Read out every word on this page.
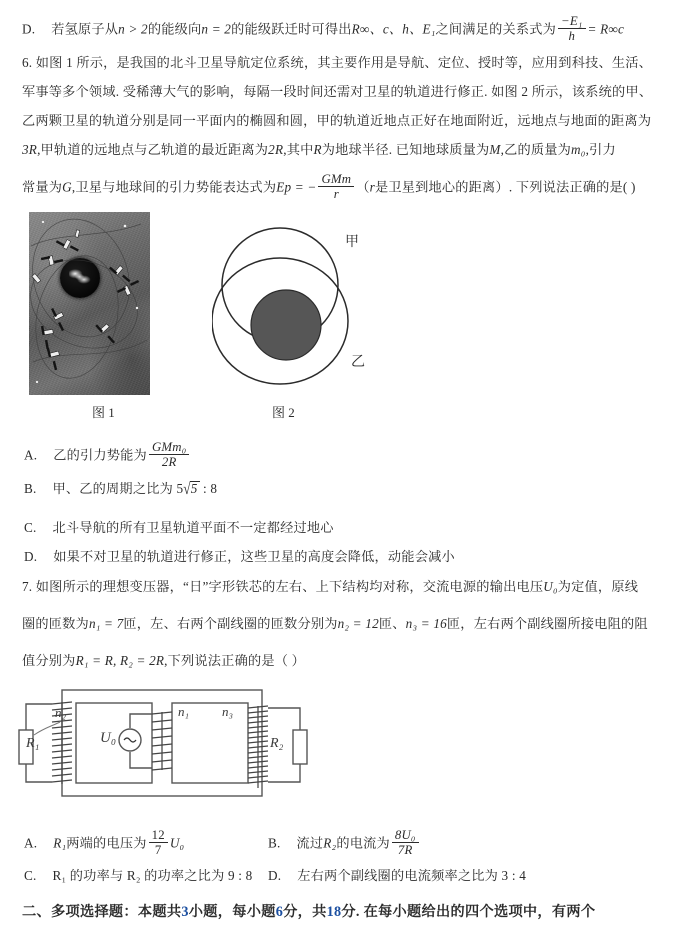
D. 若氢原子从n > 2的能级向n = 2的能级跃迁时可得出R∞、c、h、E₁之间满足的关系式为 $\frac{\text{−E₁}}{h} = R\infty c$
6. 如图 1 所示，是我国的北斗卫星导航定位系统，其主要作用是导航、定位、授时等，应用到科技、生活、
军事等多个领域. 受稀薄大气的影响，每隔一段时间还需对卫星的轨道进行修正. 如图 2 所示，该系统的甲、
乙两颗卫星的轨道分别是同一平面内的椭圆和圆，甲的轨道近地点正好在地面附近，远地点与地面的距离为
3R,甲轨道的远地点与乙轨道的最近距离为2R,其中R为地球半径. 已知地球质量为M,乙的质量为m₀,引力
常量为G,卫星与地球间的引力势能表达式为Ep = − $\frac{\text{GMm}}{r} (r$是卫星到地心的距离）. 下列说法正确的是( )
图 1
甲
乙
图 2
A. 乙的引力势能为 $\frac{\text{GMm₀}}{2R}$
B. 甲、乙的周期之比为 5√5 : 8
C. 北斗导航的所有卫星轨道平面不一定都经过地心
D. 如果不对卫星的轨道进行修正，这些卫星的高度会降低，动能会减小
7. 如图所示的理想变压器，“日”字形铁芯的左右、上下结构均对称，交流电源的输出电压U₀为定值，原线
圈的匝数为n₁ = 7匝，左、右两个副线圈的匝数分别为n₂ = 12匝、n₃ = 16匝，左右两个副线圈所接电阻的阻
值分别为R₁ = R, R₂ = 2R,下列说法正确的是（ ）
n₂
R₁	U₀
n₁	n₃
R₂
A. R₁两端的电压为 $\frac{12}{7} U_0$	B. 流过R₂的电流为 $\frac{\text{8U₀}}{7R}$
C. R₁ 的功率与 R₂ 的功率之比为 9 : 8 D. 左右两个副线圈的电流频率之比为 3 : 4
二、多项选择题：本题共3小题，每小题6分，共18分. 在每小题给出的四个选项中，有两个
